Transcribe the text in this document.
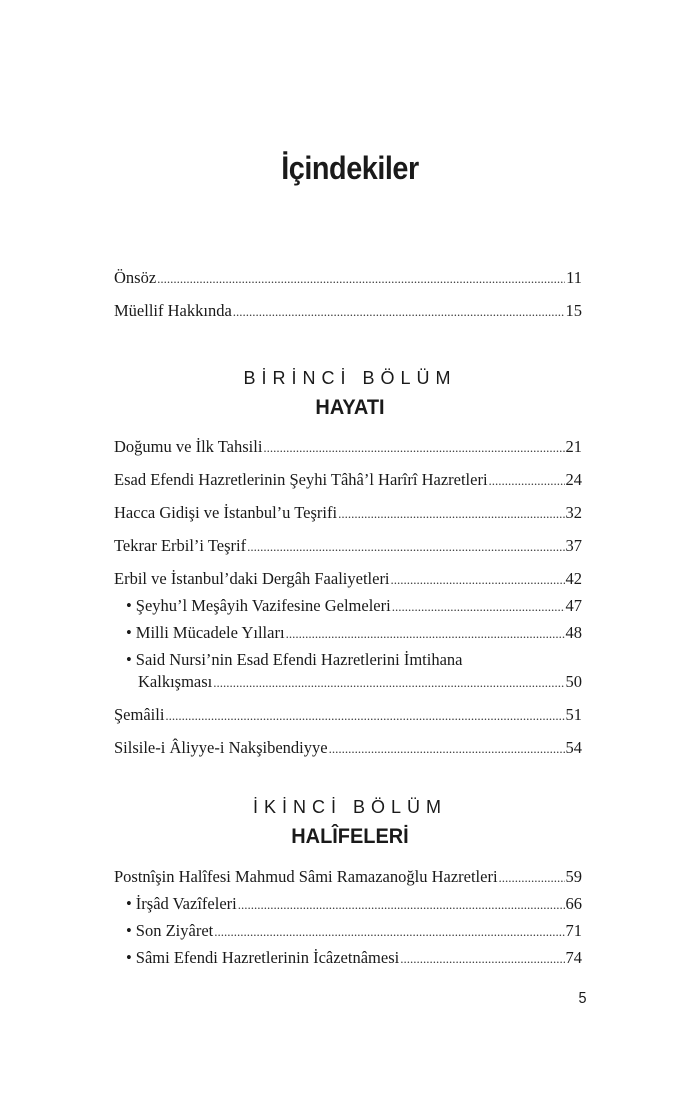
İçindekiler
Önsöz .....	11
Müellif Hakkında .....	15
BİRİNCİ BÖLÜM
HAYATI
Doğumu ve İlk Tahsili .....	21
Esad Efendi Hazretlerinin Şeyhi Tâhâ’l Harîrî Hazretleri .....	24
Hacca Gidişi ve İstanbul’u Teşrifi .....	32
Tekrar Erbil’i Teşrif .....	37
Erbil ve İstanbul’daki Dergâh Faaliyetleri .....	42
• Şeyhu’l Meşâyih Vazifesine Gelmeleri .....	47
• Milli Mücadele Yılları .....	48
• Said Nursi’nin Esad Efendi Hazretlerini İmtihana
Kalkışması .....	50
Şemâili .....	51
Silsile-i Âliyye-i Nakşibendiyye .....	54
İKİNCİ BÖLÜM
HALÎFELERİ
Postnîşin Halîfesi Mahmud Sâmi Ramazanoğlu Hazretleri .....	59
• İrşâd Vazîfeleri .....	66
• Son Ziyâret .....	71
• Sâmi Efendi Hazretlerinin İcâzetnâmesi .....	74
5
